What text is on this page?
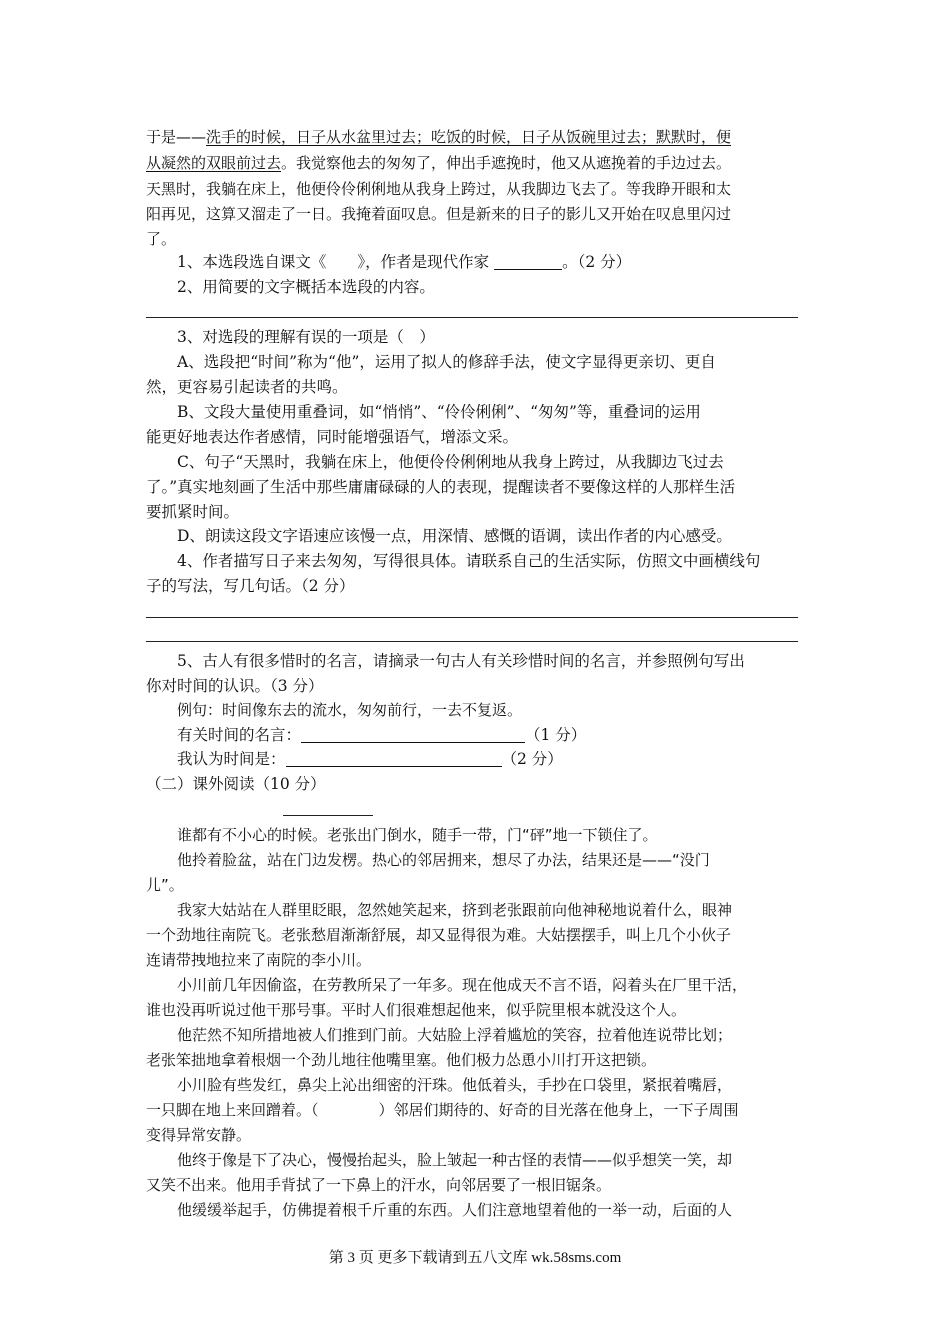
于是——洗手的时候，日子从水盆里过去；吃饭的时候，日子从饭碗里过去；默默时，便
从凝然的双眼前过去。我觉察他去的匆匆了，伸出手遮挽时，他又从遮挽着的手边过去。
天黑时，我躺在床上，他便伶伶俐俐地从我身上跨过，从我脚边飞去了。等我睁开眼和太
阳再见，这算又溜走了一日。我掩着面叹息。但是新来的日子的影儿又开始在叹息里闪过
了。
1、本选段选自课文《　　》，作者是现代作家	。（2 分）
2、用简要的文字概括本选段的内容。
3、对选段的理解有误的一项是（　）
A、选段把“时间”称为“他”，运用了拟人的修辞手法，使文字显得更亲切、更自
然，更容易引起读者的共鸣。
B、文段大量使用重叠词，如“悄悄”、“伶伶俐俐”、“匆匆”等，重叠词的运用
能更好地表达作者感情，同时能增强语气，增添文采。
C、句子“天黑时，我躺在床上，他便伶伶俐俐地从我身上跨过，从我脚边飞过去
了。”真实地刻画了生活中那些庸庸碌碌的人的表现，提醒读者不要像这样的人那样生活
要抓紧时间。
D、朗读这段文字语速应该慢一点，用深情、感慨的语调，读出作者的内心感受。
4、作者描写日子来去匆匆，写得很具体。请联系自己的生活实际，仿照文中画横线句
子的写法，写几句话。（2 分）
5、古人有很多惜时的名言，请摘录一句古人有关珍惜时间的名言，并参照例句写出
你对时间的认识。（3 分）
例句：时间像东去的流水，匆匆前行，一去不复返。
有关时间的名言：	（1 分）
我认为时间是：	（2 分）
（二）课外阅读（10 分）
谁都有不小心的时候。老张出门倒水，随手一带，门“砰”地一下锁住了。
他拎着脸盆，站在门边发楞。热心的邻居拥来，想尽了办法，结果还是——“没门
儿”。
我家大姑站在人群里眨眼，忽然她笑起来，挤到老张跟前向他神秘地说着什么，眼神
一个劲地往南院飞。老张愁眉渐渐舒展，却又显得很为难。大姑摆摆手，叫上几个小伙子
连请带拽地拉来了南院的李小川。
小川前几年因偷盗，在劳教所呆了一年多。现在他成天不言不语，闷着头在厂里干活，
谁也没再听说过他干那号事。平时人们很难想起他来，似乎院里根本就没这个人。
他茫然不知所措地被人们推到门前。大姑脸上浮着尴尬的笑容，拉着他连说带比划；
老张笨拙地拿着根烟一个劲儿地往他嘴里塞。他们极力怂恿小川打开这把锁。
小川脸有些发红，鼻尖上沁出细密的汗珠。他低着头，手抄在口袋里，紧抿着嘴唇，
一只脚在地上来回蹭着。（　　　　）邻居们期待的、好奇的目光落在他身上，一下子周围
变得异常安静。
他终于像是下了决心，慢慢抬起头，脸上皱起一种古怪的表情——似乎想笑一笑，却
又笑不出来。他用手背拭了一下鼻上的汗水，向邻居要了一根旧锯条。
他缓缓举起手，仿佛提着根千斤重的东西。人们注意地望着他的一举一动，后面的人
第 3 页 更多下载请到五八文库 wk.58sms.com
